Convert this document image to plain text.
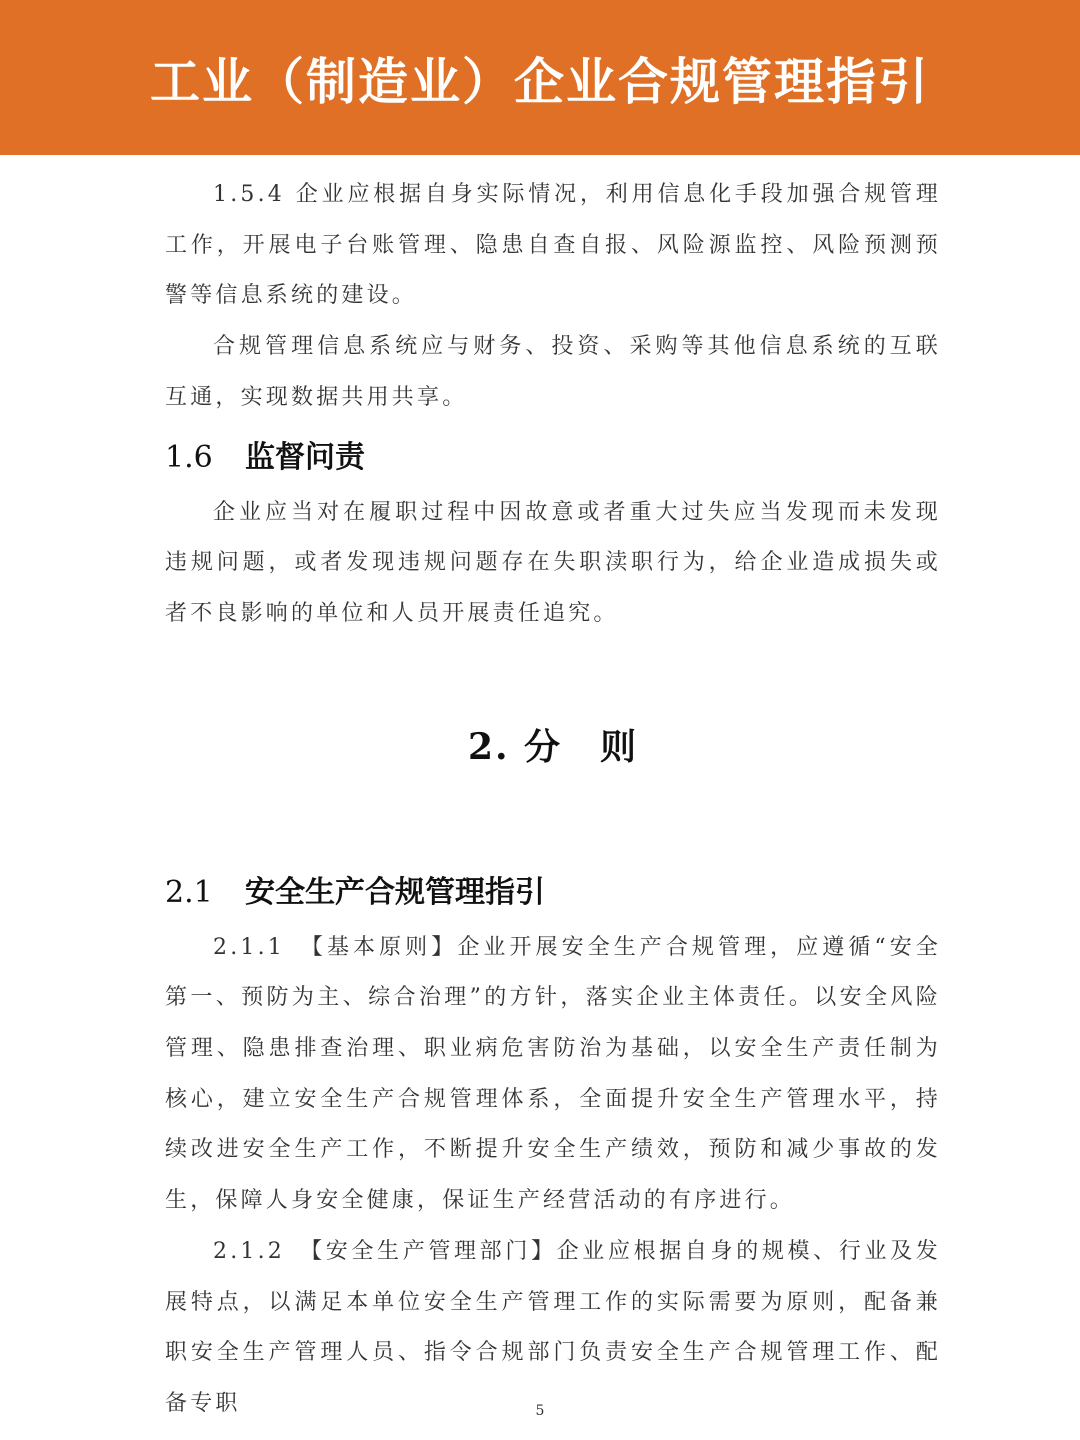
工业（制造业）企业合规管理指引

1.5.4 企业应根据自身实际情况，利用信息化手段加强合规管理工作，开展电子台账管理、隐患自查自报、风险源监控、风险预测预警等信息系统的建设。

合规管理信息系统应与财务、投资、采购等其他信息系统的互联互通，实现数据共用共享。

1.6 监督问责

企业应当对在履职过程中因故意或者重大过失应当发现而未发现违规问题，或者发现违规问题存在失职渎职行为，给企业造成损失或者不良影响的单位和人员开展责任追究。

2. 分　则
2.1 安全生产合规管理指引

2.1.1　【基本原则】企业开展安全生产合规管理，应遵循“安全第一、预防为主、综合治理”的方针，落实企业主体责任。以安全风险管理、隐患排查治理、职业病危害防治为基础，以安全生产责任制为核心，建立安全生产合规管理体系，全面提升安全生产管理水平，持续改进安全生产工作，不断提升安全生产绩效，预防和减少事故的发生，保障人身安全健康，保证生产经营活动的有序进行。

2.1.2　【安全生产管理部门】企业应根据自身的规模、行业及发展特点，以满足本单位安全生产管理工作的实际需要为原则，配备兼职安全生产管理人员、指令合规部门负责安全生产合规管理工作、配备专职	5
